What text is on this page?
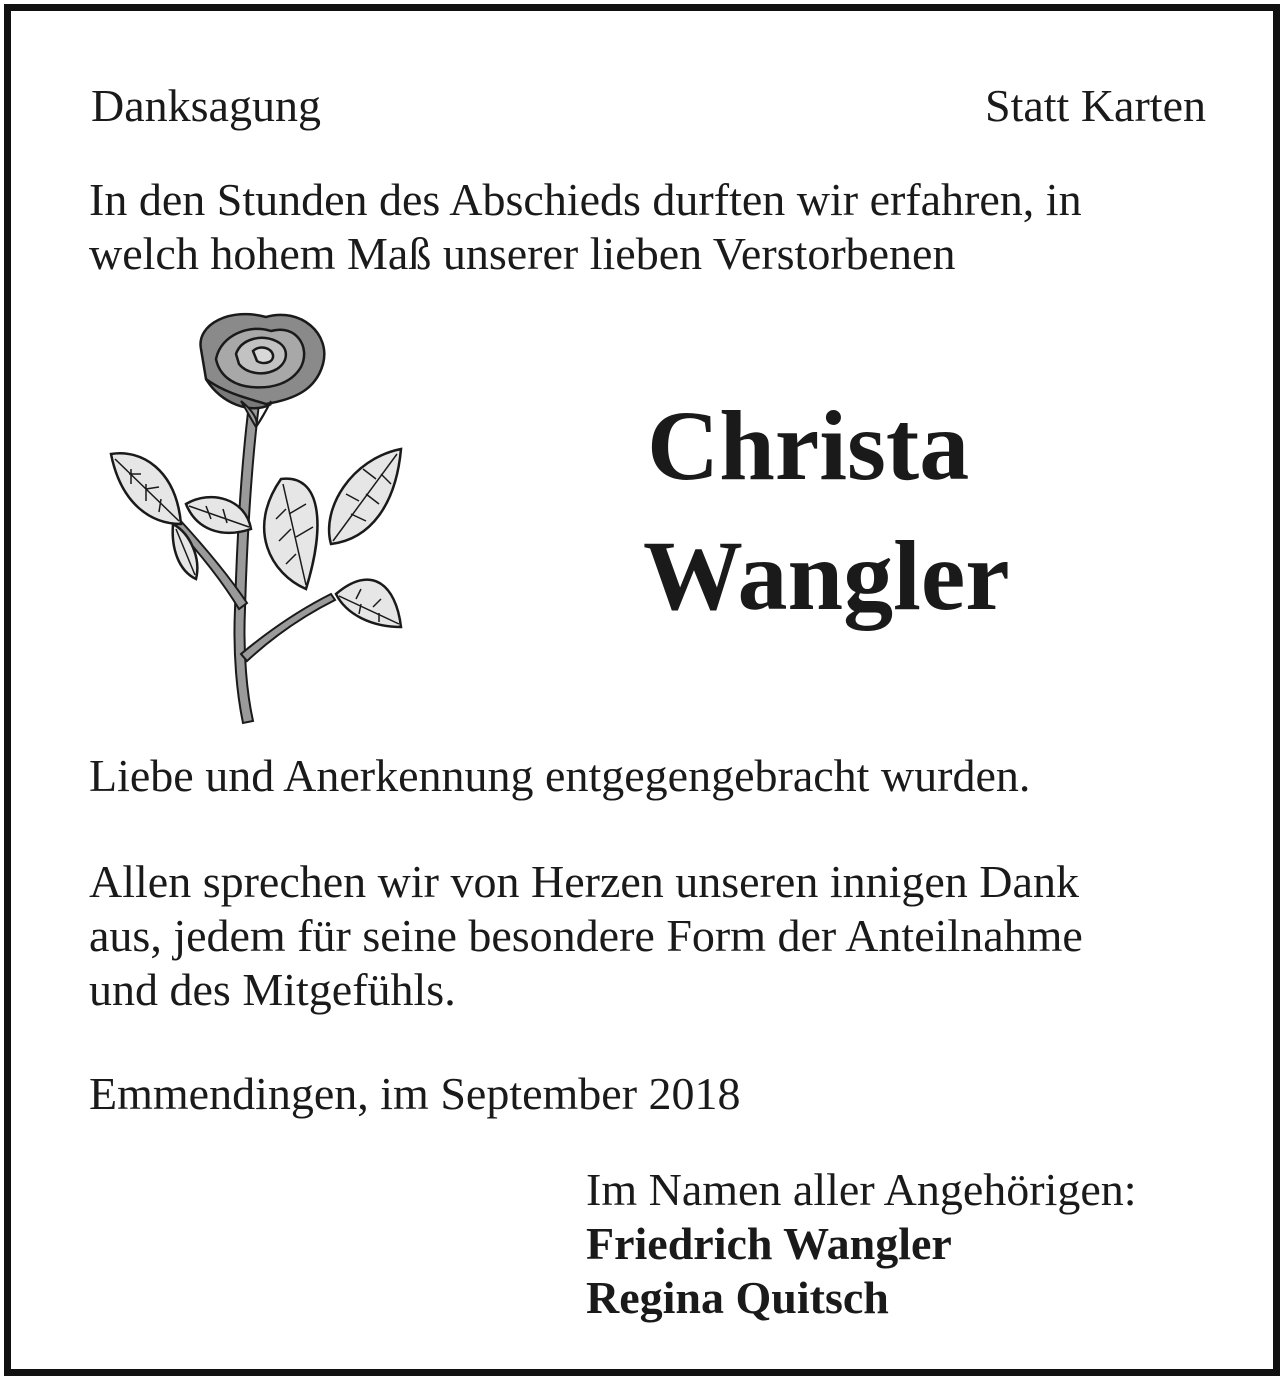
Danksagung	Statt Karten
In den Stunden des Abschieds durften wir erfahren, in
welch hohem Maß unserer lieben Verstorbenen
Christa
Wangler
Liebe und Anerkennung entgegengebracht wurden.
Allen sprechen wir von Herzen unseren innigen Dank
aus, jedem für seine besondere Form der Anteilnahme
und des Mitgefühls.
Emmendingen, im September 2018
Im Namen aller Angehörigen:
Friedrich Wangler
Regina Quitsch
